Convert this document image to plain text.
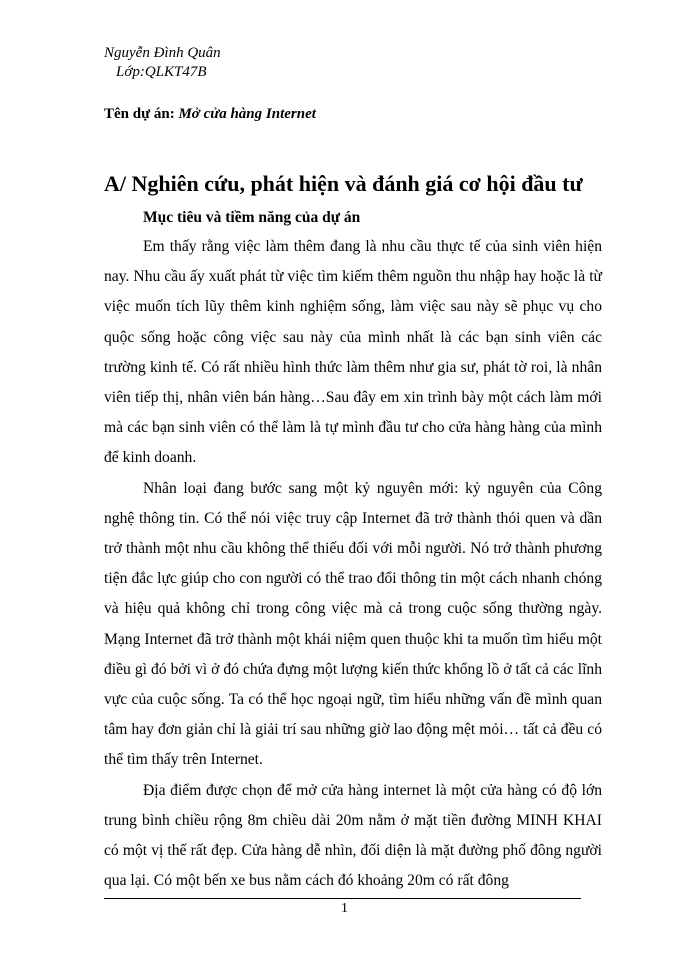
Nguyễn Đình Quân
Lớp:QLKT47B
Tên dự án: Mở cửa hàng Internet
A/ Nghiên cứu, phát hiện và đánh giá cơ hội đầu tư
Mục tiêu và tiềm năng của dự án

Em thấy rằng việc làm thêm đang là nhu cầu thực tế của sinh viên hiện nay. Nhu cầu ấy xuất phát từ việc tìm kiếm thêm nguồn thu nhập hay hoặc là từ việc muốn tích lũy thêm kinh nghiệm sống, làm việc sau này sẽ phục vụ cho quộc sống hoặc công việc sau này của mình nhất là các bạn sinh viên các trường kinh tế. Có rất nhiều hình thức làm thêm như gia sư, phát tờ roi, là nhân viên tiếp thị, nhân viên bán hàng…Sau đây em xin trình bày một cách làm mới mà các bạn sinh viên có thể làm là tự mình đầu tư cho cửa hàng hàng của mình để kinh doanh.

Nhân loại đang bước sang một kỷ nguyên mới: kỷ nguyên của Công nghệ thông tin. Có thể nói việc truy cập Internet đã trở thành thói quen và dần trở thành một nhu cầu không thể thiếu đối với mỗi người. Nó trở thành phương tiện đắc lực giúp cho con người có thể trao đổi thông tin một cách nhanh chóng và hiệu quả không chỉ trong công việc mà cả trong cuộc sống thường ngày. Mạng Internet đã trở thành một khái niệm quen thuộc khi ta muốn tìm hiểu một điều gì đó bởi vì ở đó chứa đựng một lượng kiến thức khổng lồ ở tất cả các lĩnh vực của cuộc sống. Ta có thể học ngoại ngữ, tìm hiểu những vấn đề mình quan tâm hay đơn giản chỉ là giải trí sau những giờ lao động mệt mỏi… tất cả đều có thể tìm thấy trên Internet.

Địa điểm được chọn để mở cửa hàng internet là một cửa hàng có độ lớn trung bình chiều rộng 8m chiều dài 20m nằm ở mặt tiền đường MINH KHAI có một vị thế rất đẹp. Cửa hàng dễ nhìn, đối diện là mặt đường phố đông người qua lại. Có một bến xe bus nằm cách đó khoảng 20m có rất đông

1
